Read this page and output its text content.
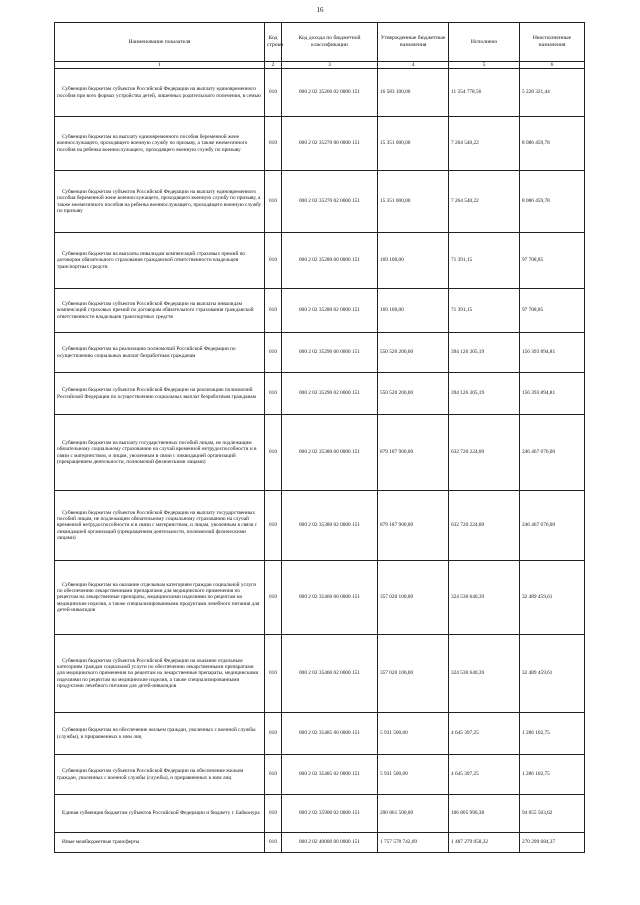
16
Наименование показателя	Код строки	Код дохода по бюджетной классификации	Утвержденные бюджетные назначения	Исполнено	Неисполненные назначения
1	2	3	4	5	6
Субвенции бюджетам субъектов Российской Федерации на выплату единовременного пособия при всех формах устройства детей, лишенных родительского попечения, в семью	010	000 2 02 35260 02 0000 151	16 583 100,00	11 354 778,56	5 228 321,44
Субвенции бюджетам на выплату единовременного пособия беременной жене военнослужащего, проходящего военную службу по призыву, а также ежемесячного пособия на ребенка военнослужащего, проходящего военную службу по призыву	010	000 2 02 35270 00 0000 151	15 351 000,00	7 264 540,22	8 086 459,78
Субвенции бюджетам субъектов Российской Федерации на выплату единовременного пособия беременной жене военнослужащего, проходящего военную службу по призыву, а также ежемесячного пособия на ребенка военнослужащего, проходящего военную службу по призыву	010	000 2 02 35270 02 0000 151	15 351 000,00	7 264 540,22	8 086 459,78
Субвенции бюджетам на выплаты инвалидам компенсаций страховых премий по договорам обязательного страхования гражданской ответственности владельцев транспортных средств	010	000 2 02 35280 00 0000 151	169 100,00	71 391,15	97 708,85
Субвенции бюджетам субъектов Российской Федерации на выплаты инвалидам компенсаций страховых премий по договорам обязательного страхования гражданской ответственности владельцев транспортных средств	010	000 2 02 35280 02 0000 151	169 100,00	71 391,15	97 708,85
Субвенции бюджетам на реализацию полномочий Российской Федерации по осуществлению социальных выплат безработным гражданам	010	000 2 02 35290 00 0000 151	550 520 200,00	394 126 305,19	156 393 894,81
Субвенции бюджетам субъектов Российской Федерации на реализацию полномочий Российской Федерации по осуществлению социальных выплат безработным гражданам	010	000 2 02 35290 02 0000 151	550 520 200,00	394 126 305,19	156 393 894,81
Субвенции бюджетам на выплату государственных пособий лицам, не подлежащим обязательному социальному страхованию на случай временной нетрудоспособности и в связи с материнством, и лицам, уволенным в связи с ликвидацией организаций (прекращением деятельности, полномочий физическими лицами)	010	000 2 02 35380 00 0000 151	879 187 900,00	632 720 224,00	246 467 676,00
Субвенции бюджетам субъектов Российской Федерации на выплату государственных пособий лицам, не подлежащим обязательному социальному страхованию на случай временной нетрудоспособности и в связи с материнством, и лицам, уволенным в связи с ликвидацией организаций (прекращением деятельности, полномочий физическими лицами)	010	000 2 02 35380 02 0000 151	879 187 900,00	632 720 224,00	246 467 676,00
Субвенции бюджетам на оказание отдельным категориям граждан социальной услуги по обеспечению лекарственными препаратами для медицинского применения по рецептам на лекарственные препараты, медицинскими изделиями по рецептам на медицинские изделия, а также специализированными продуктами лечебного питания для детей-инвалидов	010	000 2 02 35460 00 0000 151	357 020 100,00	324 530 640,39	32 489 459,61
Субвенции бюджетам субъектов Российской Федерации на оказание отдельным категориям граждан социальной услуги по обеспечению лекарственными препаратами для медицинского применения по рецептам на лекарственные препараты, медицинскими изделиями по рецептам на медицинские изделия, а также специализированными продуктами лечебного питания для детей-инвалидов	010	000 2 02 35460 02 0000 151	357 020 100,00	324 530 640,39	32 489 459,61
Субвенции бюджетам на обеспечение жильем граждан, уволенных с военной службы (службы), и приравненных к ним лиц	010	000 2 02 35485 00 0000 151	5 931 500,00	4 645 397,25	1 286 102,75
Субвенции бюджетам субъектов Российской Федерации на обеспечение жильем граждан, уволенных с военной службы (службы), и приравненных к ним лиц	010	000 2 02 35485 02 0000 151	5 931 500,00	4 645 397,25	1 286 102,75
Единая субвенция бюджетам субъектов Российской Федерации и бюджету г. Байконура	010	000 2 02 35900 02 0000 151	200 861 500,00	106 805 996,38	94 055 503,62
Иные межбюджетные трансферты	010	000 2 02 40000 00 0000 151	1 757 578 742,69	1 487 279 058,32	270 299 684,37
